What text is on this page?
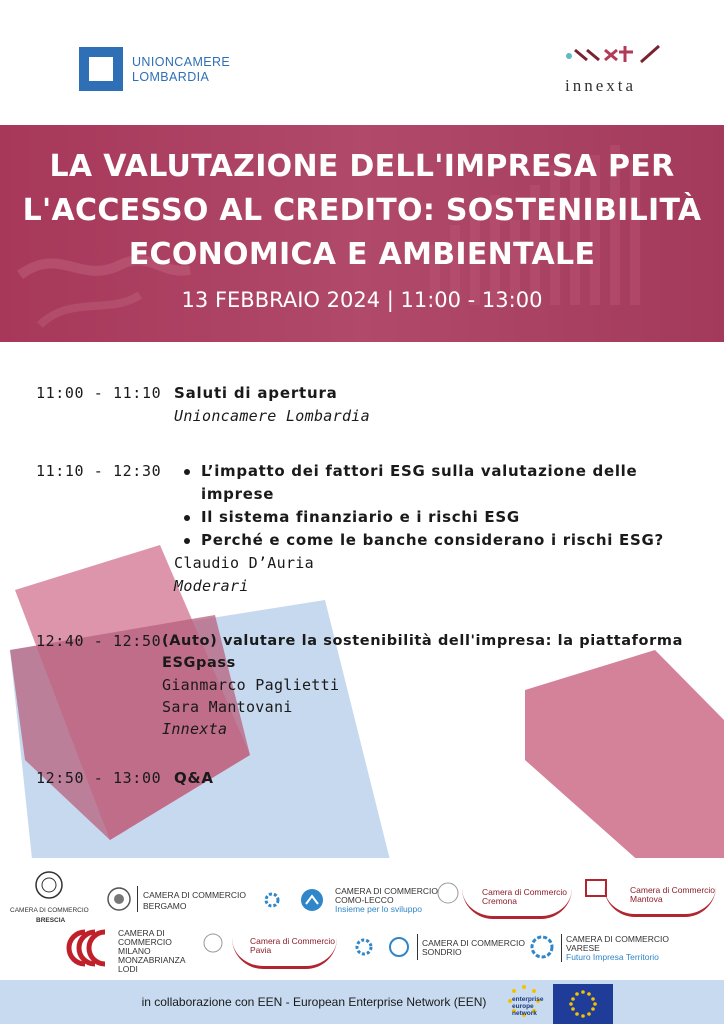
UNIONCAMERE
LOMBARDIA	innexta
LA VALUTAZIONE DELL'IMPRESA PER
L'ACCESSO AL CREDITO: SOSTENIBILITÀ
ECONOMICA E AMBIENTALE
13 FEBBRAIO 2024 | 11:00 - 13:00
11:00 - 11:10 Saluti di apertura
Unioncamere Lombardia
11:10 - 12:30	L’impatto dei fattori ESG sulla valutazione delle
imprese
Il sistema finanziario e i rischi ESG
Perché e come le banche considerano i rischi ESG?
Claudio D’Auria
Moderari
12:40 - 12:50 (Auto) valutare la sostenibilità dell'impresa: la piattaforma
ESGpass
Gianmarco Paglietti
Sara Mantovani
Innexta
12:50 - 13:00 Q&A
CAMERA DI COMMERCIO
BRESCIA
CAMERA DI COMMERCIO
BERGAMO
CAMERA DI COMMERCIO
COMO-LECCO
Insieme per lo sviluppo
Camera di Commercio
Cremona
Camera di Commercio
Mantova
CAMERA DI
COMMERCIO
MILANO
MONZABRIANZA
LODI
Camera di Commercio
Pavia
CAMERA DI COMMERCIO
SONDRIO
CAMERA DI COMMERCIO
VARESE
Futuro Impresa Territorio
in collaborazione con EEN - European Enterprise Network (EEN)	enterprise
europe
network
